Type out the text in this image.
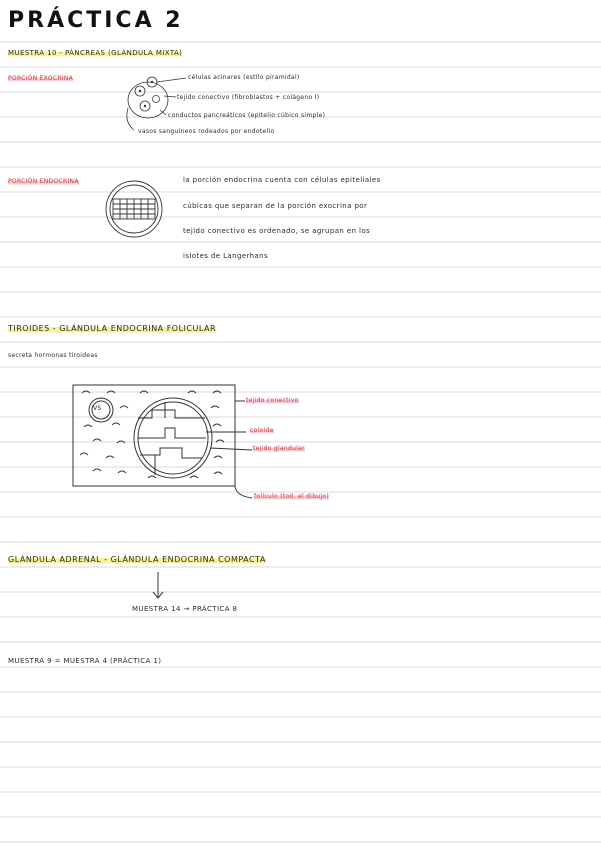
PRÁCTICA 2
MUESTRA 10 - PÁNCREAS (GLÁNDULA MIXTA)
PORCIÓN EXOCRINA	células acinares (estilo piramidal)
tejido conectivo (fibroblastos + colágeno I)
conductos pancreáticos (epitelio cúbico simple)
vasos sanguíneos rodeados por endotelio
PORCIÓN ENDOCRINA	la porción endocrina cuenta con células epiteliales
cúbicas que separan de la porción exocrina por
tejido conectivo es ordenado, se agrupan en los
islotes de Langerhans
TIROIDES - GLÁNDULA ENDOCRINA FOLICULAR
secreta hormonas tiroideas
VS
tejido conectivo
coloide
tejido glandular
folículo (tod. el dibujo)
GLÁNDULA ADRENAL - GLÁNDULA ENDOCRINA COMPACTA
MUESTRA 14 → PRÁCTICA 8
MUESTRA 9 = MUESTRA 4 (PRÁCTICA 1)
